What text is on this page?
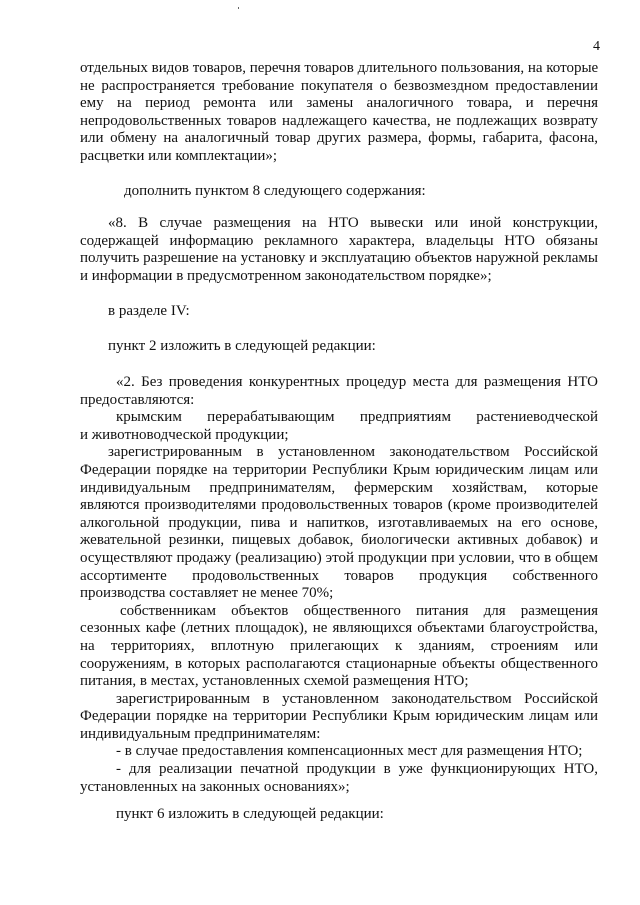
4
отдельных видов товаров, перечня товаров длительного пользования, на которые
не распространяется требование покупателя о безвозмездном предоставлении
ему на период ремонта или замены аналогичного товара, и перечня
непродовольственных товаров надлежащего качества, не подлежащих возврату
или обмену на аналогичный товар других размера, формы, габарита, фасона,
расцветки или комплектации»;
дополнить пунктом 8 следующего содержания:
«8. В случае размещения на НТО вывески или иной конструкции,
содержащей информацию рекламного характера, владельцы НТО обязаны
получить разрешение на установку и эксплуатацию объектов наружной рекламы
и информации в предусмотренном законодательством порядке»;
в разделе IV:
пункт 2 изложить в следующей редакции:
«2. Без проведения конкурентных процедур места для размещения НТО
предоставляются:
крымским перерабатывающим предприятиям растениеводческой
и животноводческой продукции;
зарегистрированным в установленном законодательством Российской
Федерации порядке на территории Республики Крым юридическим лицам или
индивидуальным предпринимателям, фермерским хозяйствам, которые
являются производителями продовольственных товаров (кроме производителей
алкогольной продукции, пива и напитков, изготавливаемых на его основе,
жевательной резинки, пищевых добавок, биологически активных добавок) и
осуществляют продажу (реализацию) этой продукции при условии, что в общем
ассортименте продовольственных товаров продукция собственного
производства составляет не менее 70%;
собственникам объектов общественного питания для размещения
сезонных кафе (летних площадок), не являющихся объектами благоустройства,
на территориях, вплотную прилегающих к зданиям, строениям или
сооружениям, в которых располагаются стационарные объекты общественного
питания, в местах, установленных схемой размещения НТО;
зарегистрированным в установленном законодательством Российской
Федерации порядке на территории Республики Крым юридическим лицам или
индивидуальным предпринимателям:
- в случае предоставления компенсационных мест для размещения НТО;
- для реализации печатной продукции в уже функционирующих НТО,
установленных на законных основаниях»;
пункт 6 изложить в следующей редакции:
